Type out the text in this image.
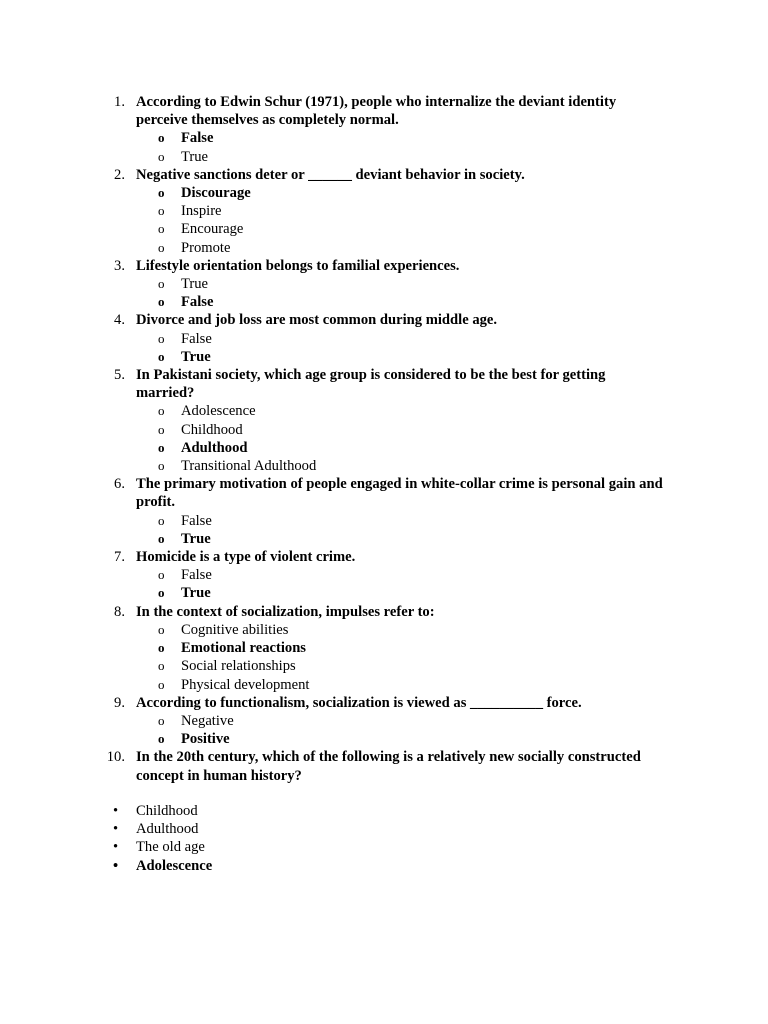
1. According to Edwin Schur (1971), people who internalize the deviant identity perceive themselves as completely normal.
o False
o True
2. Negative sanctions deter or ______ deviant behavior in society.
o Discourage
o Inspire
o Encourage
o Promote
3. Lifestyle orientation belongs to familial experiences.
o True
o False
4. Divorce and job loss are most common during middle age.
o False
o True
5. In Pakistani society, which age group is considered to be the best for getting married?
o Adolescence
o Childhood
o Adulthood
o Transitional Adulthood
6. The primary motivation of people engaged in white-collar crime is personal gain and profit.
o False
o True
7. Homicide is a type of violent crime.
o False
o True
8. In the context of socialization, impulses refer to:
o Cognitive abilities
o Emotional reactions
o Social relationships
o Physical development
9. According to functionalism, socialization is viewed as __________ force.
o Negative
o Positive
10. In the 20th century, which of the following is a relatively new socially constructed concept in human history?
• Childhood
• Adulthood
• The old age
• Adolescence
